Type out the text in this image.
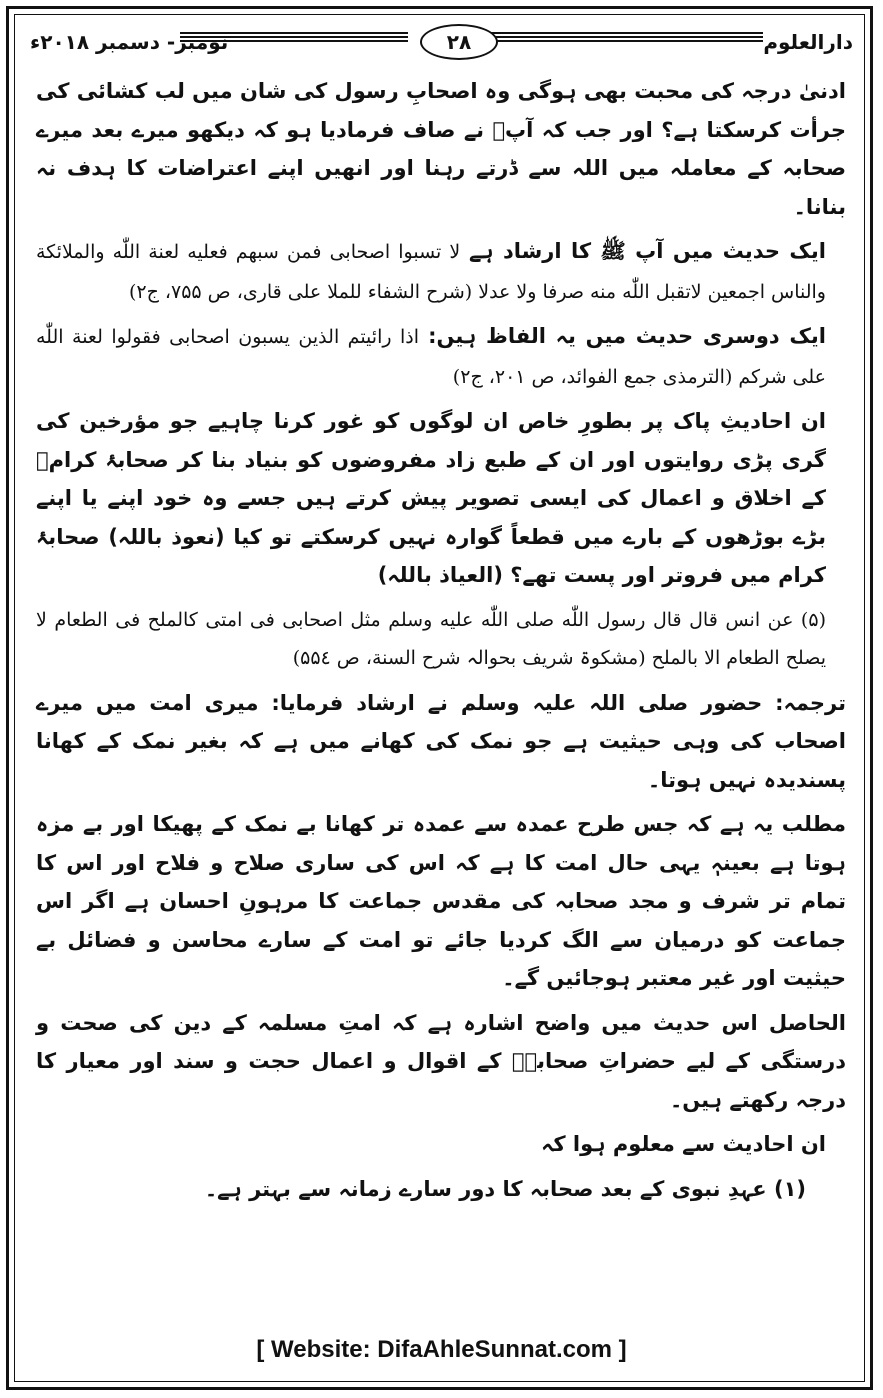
دارالعلوم
۲۸
نومبر- دسمبر ۲۰۱۸ء

ادنیٰ درجہ کی محبت بھی ہوگی وہ اصحابِ رسول کی شان میں لب کشائی کی جرأت کرسکتا ہے؟ اور جب کہ آپؐ نے صاف فرمادیا ہو کہ دیکھو میرے بعد میرے صحابہ کے معاملہ میں اللہ سے ڈرتے رہنا اور انھیں اپنے اعتراضات کا ہدف نہ بنانا۔

ایک حدیث میں آپ ﷺ کا ارشاد ہے لا تسبوا اصحابی فمن سبھم فعلیه لعنة اللّٰه والملائکة والناس اجمعین لاتقبل اللّٰه منه صرفا ولا عدلا (شرح الشفاء للملا علی قاری، ص ۷۵۵، ج۲)

ایک دوسری حدیث میں یہ الفاظ ہیں: اذا رائیتم الذین یسبون اصحابی فقولوا لعنة اللّٰه علی شرکم (الترمذی جمع الفوائد، ص ۲۰۱، ج۲)

ان احادیثِ پاک پر بطورِ خاص ان لوگوں کو غور کرنا چاہیے جو مؤرخین کی گری پڑی روایتوں اور ان کے طبع زاد مفروضوں کو بنیاد بنا کر صحابۂ کرامؓ کے اخلاق و اعمال کی ایسی تصویر پیش کرتے ہیں جسے وہ خود اپنے یا اپنے بڑے بوڑھوں کے بارے میں قطعاً گوارہ نہیں کرسکتے تو کیا (نعوذ باللہ) صحابۂ کرام میں فروتر اور پست تھے؟ (العیاذ باللہ)

(۵) عن انس قال قال رسول اللّٰه صلی اللّٰه علیه وسلم مثل اصحابی فی امتی کالملح فی الطعام لا یصلح الطعام الا بالملح (مشکوۃ شریف بحوالہ شرح السنة، ص ۵۵٤)

ترجمہ: حضور صلی اللہ علیہ وسلم نے ارشاد فرمایا: میری امت میں میرے اصحاب کی وہی حیثیت ہے جو نمک کی کھانے میں ہے کہ بغیر نمک کے کھانا پسندیدہ نہیں ہوتا۔

مطلب یہ ہے کہ جس طرح عمدہ سے عمدہ تر کھانا بے نمک کے پھیکا اور بے مزہ ہوتا ہے بعینہٖ یہی حال امت کا ہے کہ اس کی ساری صلاح و فلاح اور اس کا تمام تر شرف و مجد صحابہ کی مقدس جماعت کا مرہونِ احسان ہے اگر اس جماعت کو درمیان سے الگ کردیا جائے تو امت کے سارے محاسن و فضائل بے حیثیت اور غیر معتبر ہوجائیں گے۔

الحاصل اس حدیث میں واضح اشارہ ہے کہ امتِ مسلمہ کے دین کی صحت و درستگی کے لیے حضراتِ صحابہؓ کے اقوال و اعمال حجت و سند اور معیار کا درجہ رکھتے ہیں۔

ان احادیث سے معلوم ہوا کہ

(۱) عہدِ نبوی کے بعد صحابہ کا دور سارے زمانہ سے بہتر ہے۔
[ Website: DifaAhleSunnat.com ]
